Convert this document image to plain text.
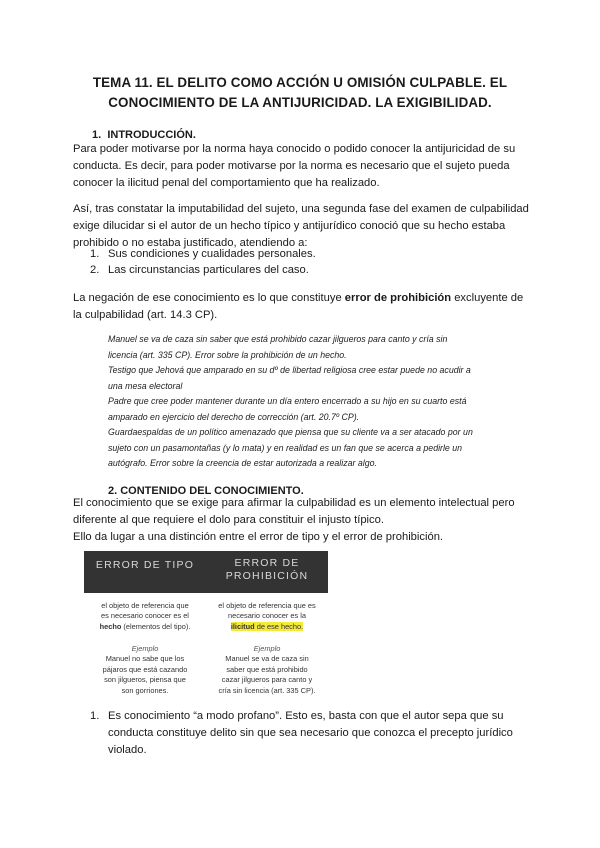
TEMA 11. EL DELITO COMO ACCIÓN U OMISIÓN CULPABLE. EL
CONOCIMIENTO DE LA ANTIJURICIDAD. LA EXIGIBILIDAD.
1. INTRODUCCIÓN.
Para poder motivarse por la norma haya conocido o podido conocer la antijuricidad de su
conducta. Es decir, para poder motivarse por la norma es necesario que el sujeto pueda
conocer la ilicitud penal del comportamiento que ha realizado.
Así, tras constatar la imputabilidad del sujeto, una segunda fase del examen de culpabilidad
exige dilucidar si el autor de un hecho típico y antijurídico conoció que su hecho estaba
prohibido o no estaba justificado, atendiendo a:
1. Sus condiciones y cualidades personales.
2. Las circunstancias particulares del caso.
La negación de ese conocimiento es lo que constituye error de prohibición excluyente de
la culpabilidad (art. 14.3 CP).
Manuel se va de caza sin saber que está prohibido cazar jilgueros para canto y cría sin
licencia (art. 335 CP). Error sobre la prohibición de un hecho.
Testigo que Jehová que amparado en su dº de libertad religiosa cree estar puede no acudir a
una mesa electoral
Padre que cree poder mantener durante un día entero encerrado a su hijo en su cuarto está
amparado en ejercicio del derecho de corrección (art. 20.7º CP).
Guardaespaldas de un político amenazado que piensa que su cliente va a ser atacado por un
sujeto con un pasamontañas (y lo mata) y en realidad es un fan que se acerca a pedirle un
autógrafo. Error sobre la creencia de estar autorizada a realizar algo.
2. CONTENIDO DEL CONOCIMIENTO.
El conocimiento que se exige para afirmar la culpabilidad es un elemento intelectual pero
diferente al que requiere el dolo para constituir el injusto típico.
Ello da lugar a una distinción entre el error de tipo y el error de prohibición.
ERROR DE TIPO	ERROR DE
PROHIBICIÓN
el objeto de referencia que
es necesario conocer es el
hecho (elementos del tipo).
el objeto de referencia que es
necesario conocer es la
ilicitud de ese hecho.
Ejemplo
Manuel no sabe que los
pájaros que está cazando
son jilgueros, piensa que
son gorriones.
Ejemplo
Manuel se va de caza sin
saber que está prohibido
cazar jilgueros para canto y
cría sin licencia (art. 335 CP).
1. Es conocimiento “a modo profano”. Esto es, basta con que el autor sepa que su
conducta constituye delito sin que sea necesario que conozca el precepto jurídico
violado.
